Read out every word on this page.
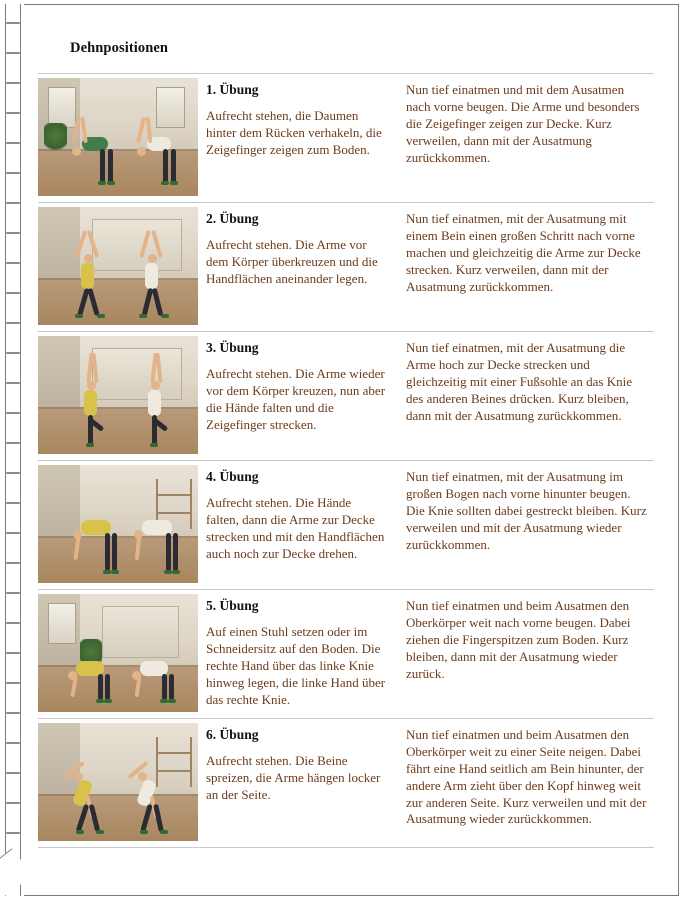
Dehnpositionen
1. Übung

Aufrecht stehen, die Daumen hinter dem Rücken verhakeln, die Zeigefinger zeigen zum Boden.

Nun tief einatmen und mit dem Ausatmen nach vorne beugen. Die Arme und besonders die Zeigefinger zeigen zur Decke. Kurz verweilen, dann mit der Ausatmung zurückkommen.

2. Übung

Aufrecht stehen. Die Arme vor dem Körper überkreuzen und die Handflächen aneinander legen.

Nun tief einatmen, mit der Ausatmung mit einem Bein einen großen Schritt nach vorne machen und gleichzeitig die Arme zur Decke strecken. Kurz verweilen, dann mit der Ausatmung zurückkommen.

3. Übung

Aufrecht stehen. Die Arme wieder vor dem Körper kreuzen, nun aber die Hände falten und die Zeigefinger strecken.

Nun tief einatmen, mit der Ausatmung die Arme hoch zur Decke strecken und gleichzeitig mit einer Fußsohle an das Knie des anderen Beines drücken. Kurz bleiben, dann mit der Ausatmung zurückkommen.

4. Übung

Aufrecht stehen. Die Hände falten, dann die Arme zur Decke strecken und mit den Handflächen auch noch zur Decke drehen.

Nun tief einatmen, mit der Ausatmung im großen Bogen nach vorne hinunter beugen. Die Knie sollten dabei gestreckt bleiben. Kurz verweilen und mit der Ausatmung wieder zurückkommen.

5. Übung

Auf einen Stuhl setzen oder im Schneidersitz auf den Boden. Die rechte Hand über das linke Knie hinweg legen, die linke Hand über das rechte Knie.

Nun tief einatmen und beim Ausatmen den Oberkörper weit nach vorne beugen. Dabei ziehen die Fingerspitzen zum Boden. Kurz bleiben, dann mit der Ausatmung wieder zurück.

6. Übung

Aufrecht stehen. Die Beine spreizen, die Arme hängen locker an der Seite.

Nun tief einatmen und beim Ausatmen den Oberkörper weit zu einer Seite neigen. Dabei fährt eine Hand seitlich am Bein hinunter, der andere Arm zieht über den Kopf hinweg weit zur anderen Seite. Kurz verweilen und mit der Ausatmung wieder zurückkommen.
